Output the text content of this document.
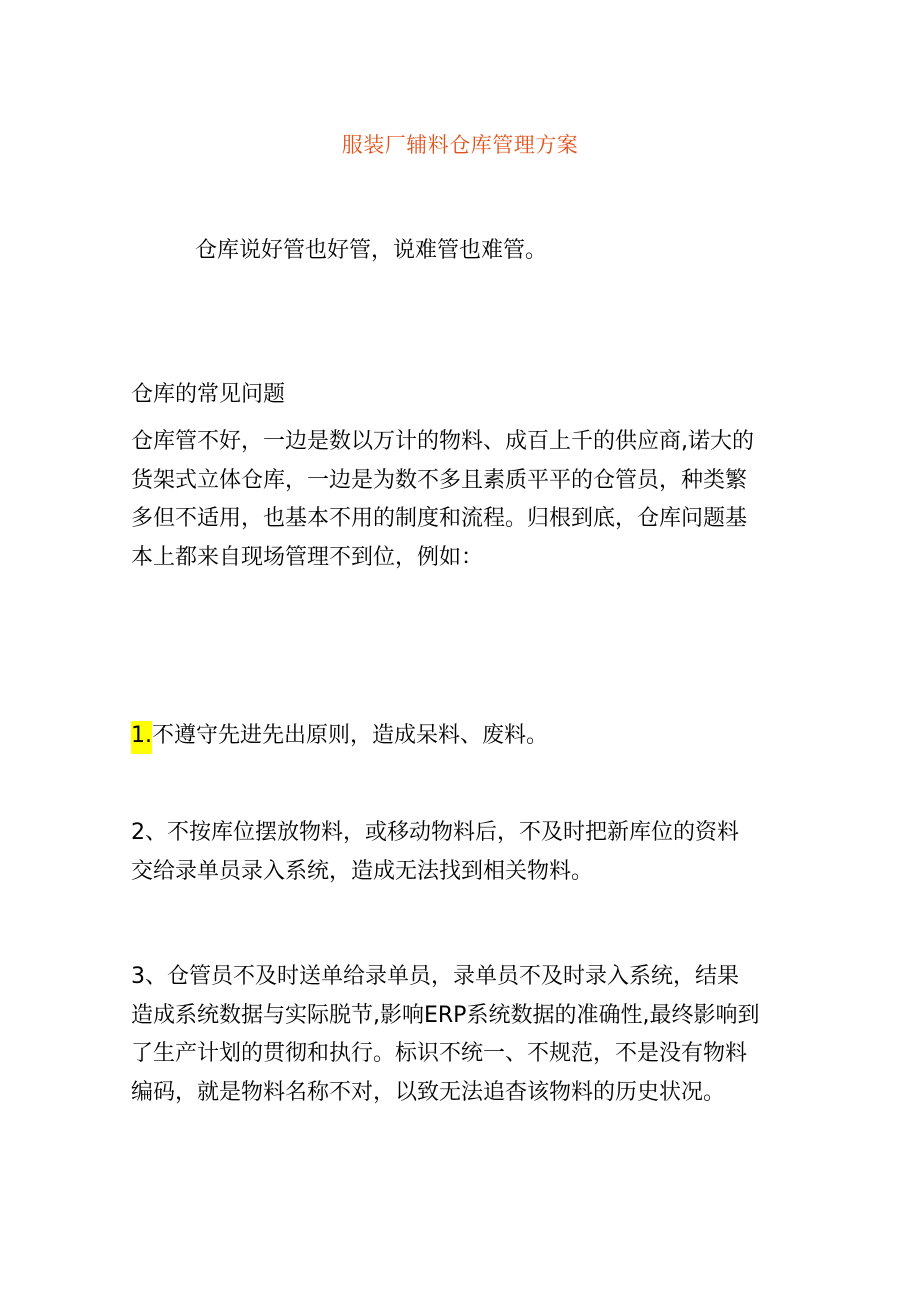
服装厂辅料仓库管理方案
仓库说好管也好管，说难管也难管。
仓库的常见问题
仓库管不好，一边是数以万计的物料、成百上千的供应商,诺大的
货架式立体仓库，一边是为数不多且素质平平的仓管员，种类繁
多但不适用，也基本不用的制度和流程。归根到底，仓库问题基
本上都来自现场管理不到位，例如：
1.不遵守先进先出原则，造成呆料、废料。
2、不按库位摆放物料，或移动物料后，不及时把新库位的资料
交给录单员录入系统，造成无法找到相关物料。
3、仓管员不及时送单给录单员，录单员不及时录入系统，结果
造成系统数据与实际脱节,影响ERP系统数据的准确性,最终影响到
了生产计划的贯彻和执行。标识不统一、不规范，不是没有物料
编码，就是物料名称不对，以致无法追杳该物料的历史状况。
